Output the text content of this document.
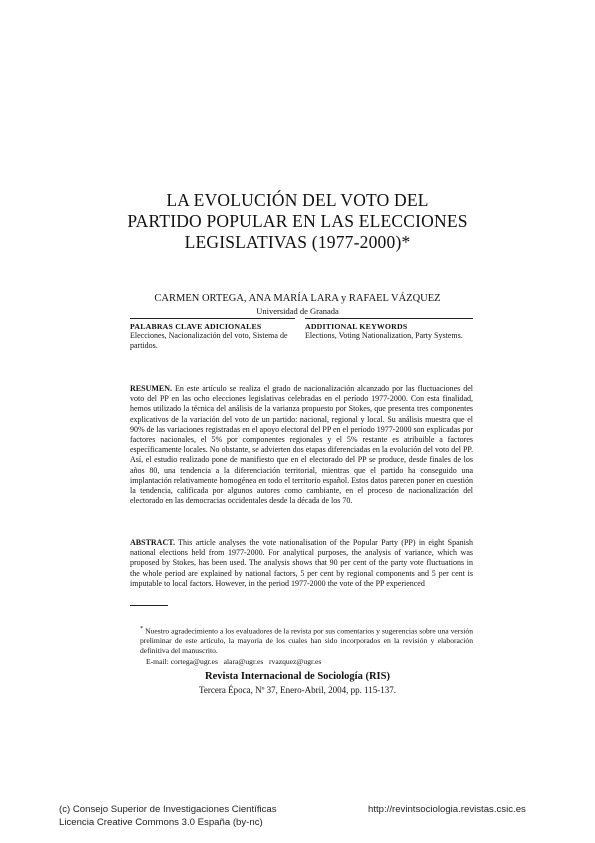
LA EVOLUCIÓN DEL VOTO DEL
PARTIDO POPULAR EN LAS ELECCIONES
LEGISLATIVAS (1977-2000)*
CARMEN ORTEGA, ANA MARÍA LARA y RAFAEL VÁZQUEZ
Universidad de Granada
PALABRAS CLAVE ADICIONALES
Elecciones, Nacionalización del voto, Sistema de partidos.
ADDITIONAL KEYWORDS
Elections, Voting Nationalization, Party Systems.
RESUMEN. En este artículo se realiza el grado de nacionalización alcanzado por las fluctuaciones del voto del PP en las ocho elecciones legislativas celebradas en el período 1977-2000. Con esta finalidad, hemos utilizado la técnica del análisis de la varianza propuesto por Stokes, que presenta tres componentes explicativos de la variación del voto de un partido: nacional, regional y local. Su análisis muestra que el 90% de las variaciones registradas en el apoyo electoral del PP en el período 1977-2000 son explicadas por factores nacionales, el 5% por componentes regionales y el 5% restante es atribuible a factores específicamente locales. No obstante, se advierten dos etapas diferenciadas en la evolución del voto del PP. Así, el estudio realizado pone de manifiesto que en el electorado del PP se produce, desde finales de los años 80, una tendencia a la diferenciación territorial, mientras que el partido ha conseguido una implantación relativamente homogénea en todo el territorio español. Estos datos parecen poner en cuestión la tendencia, calificada por algunos autores como cambiante, en el proceso de nacionalización del electorado en las democracias occidentales desde la década de los 70.
ABSTRACT. This article analyses the vote nationalisation of the Popular Party (PP) in eight Spanish national elections held from 1977-2000. For analytical purposes, the analysis of variance, which was proposed by Stokes, has been used. The analysis shows that 90 per cent of the party vote fluctuations in the whole period are explained by national factors, 5 per cent by regional components and 5 per cent is imputable to local factors. However, in the period 1977-2000 the vote of the PP experienced
* Nuestro agradecimiento a los evaluadores de la revista por sus comentarios y sugerencias sobre una versión preliminar de este artículo, la mayoría de los cuales han sido incorporados en la revisión y elaboración definitiva del manuscrito.
E-mail: cortega@ugr.es   alara@ugr.es   rvazquez@ugr.es
Revista Internacional de Sociología (RIS)
Tercera Época, Nº 37, Enero-Abril, 2004, pp. 115-137.
(c) Consejo Superior de Investigaciones Científicas
Licencia Creative Commons 3.0 España (by-nc)
http://revintsociologia.revistas.csic.es
